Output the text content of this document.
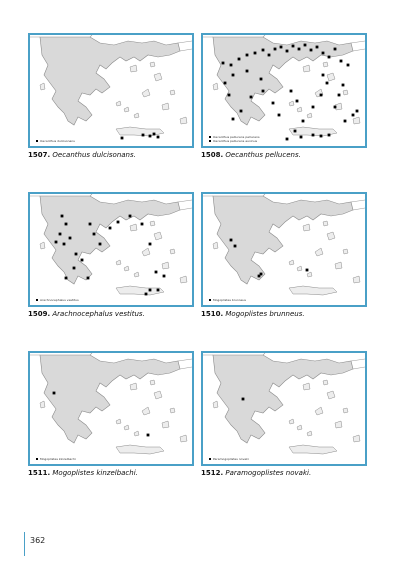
Oecanthus dulcisonans
1507. Oecanthus dulcisonans.
Oecanthus pellucens pellucens
Oecanthus pellucens euxinus
1508. Oecanthus pellucens.
Arachnocephalus vestitus
1509. Arachnocephalus vestitus.
Mogoplistes brunneus
1510. Mogoplistes brunneus.
Mogoplistes kinzelbachi
1511. Mogoplistes kinzelbachi.
Paramogoplistes novaki
1512. Paramogoplistes novaki.
362
